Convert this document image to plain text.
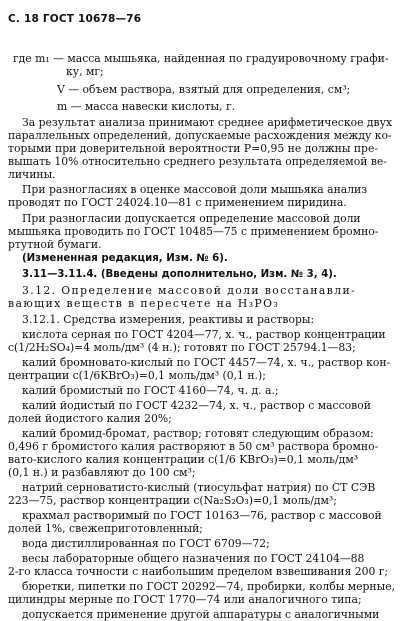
С. 18 ГОСТ 10678—76
где m₁ — масса мышьяка, найденная по градуировочному графи-
ку, мг;
V — объем раствора, взятый для определения, см³;
m — масса навески кислоты, г.
За результат анализа принимают среднее арифметическое двух
параллельных определений, допускаемые расхождения между ко-
торыми при доверительной вероятности P=0,95 не должны пре-
вышать 10% относительно среднего результата определяемой ве-
личины.
При разногласиях в оценке массовой доли мышьяка анализ
проводят по ГОСТ 24024.10—81 с применением пиридина.
При разногласии допускается определение массовой доли
мышьяка проводить по ГОСТ 10485—75 с применением бромно-
ртутной бумаги.
(Измененная редакция, Изм. № 6).
3.11—3.11.4. (Введены дополнительно, Изм. № 3, 4).
3.12. Определение массовой доли восстанавли-
вающих веществ в пересчете на H₃PO₃
3.12.1. Средства измерения, реактивы и растворы:
кислота серная по ГОСТ 4204—77, х. ч., раствор концентрации
c(1/2H₂SO₄)=4 моль/дм³ (4 н.); готовят по ГОСТ 25794.1—83;
калий бромновато-кислый по ГОСТ 4457—74, х. ч., раствор кон-
центрации c(1/6KBrO₃)=0,1 моль/дм³ (0,1 н.);
калий бромистый по ГОСТ 4160—74, ч. д. а.;
калий йодистый по ГОСТ 4232—74, х. ч., раствор с массовой
долей йодистого калия 20%;
калий бромид-бромат, раствор; готовят следующим образом:
0,496 г бромистого калия растворяют в 50 см³ раствора бромно-
вато-кислого калия концентрации c(1/6 KBrO₃)=0,1 моль/дм³
(0,1 н.) и разбавляют до 100 см³;
натрий серноватисто-кислый (тиосульфат натрия) по СТ СЭВ
223—75, раствор концентрации c(Na₂S₂O₃)=0,1 моль/дм³;
крахмал растворимый по ГОСТ 10163—76, раствор с массовой
долей 1%, свежеприготовленный;
вода дистиллированная по ГОСТ 6709—72;
весы лабораторные общего назначения по ГОСТ 24104—88
2-го класса точности с наибольшим пределом взвешивания 200 г;
бюретки, пипетки по ГОСТ 20292—74, пробирки, колбы мерные,
цилиндры мерные по ГОСТ 1770—74 или аналогичного типа;
допускается применение другой аппаратуры с аналогичными
